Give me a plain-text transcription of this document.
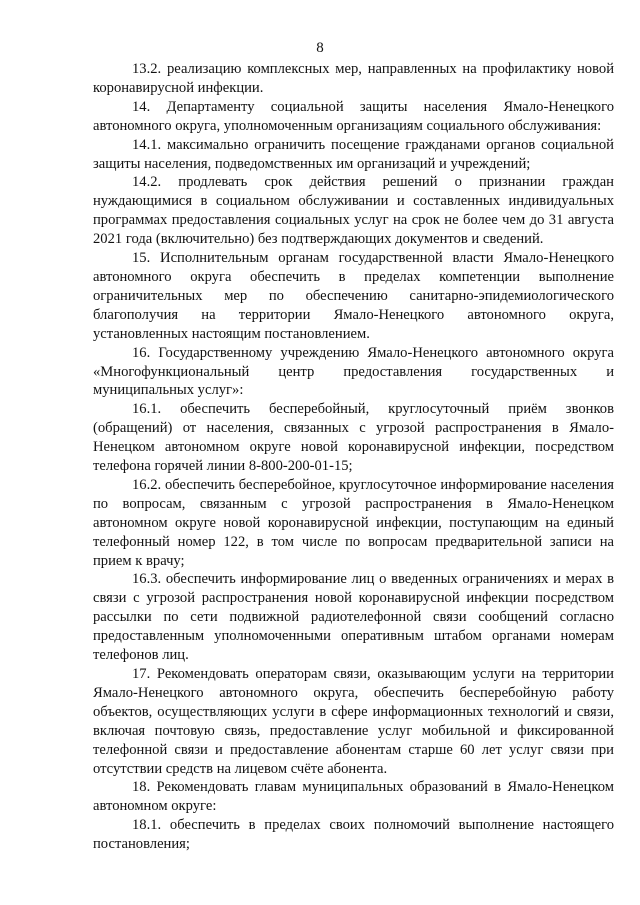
8

13.2. реализацию комплексных мер, направленных на профилактику новой коронавирусной инфекции.

14. Департаменту социальной защиты населения Ямало-Ненецкого автономного округа, уполномоченным организациям социального обслуживания:

14.1. максимально ограничить посещение гражданами органов социальной защиты населения, подведомственных им организаций и учреждений;

14.2. продлевать срок действия решений о признании граждан нуждающимися в социальном обслуживании и составленных индивидуальных программах предоставления социальных услуг на срок не более чем до 31 августа 2021 года (включительно) без подтверждающих документов и сведений.

15. Исполнительным органам государственной власти Ямало-Ненецкого автономного округа обеспечить в пределах компетенции выполнение ограничительных мер по обеспечению санитарно-эпидемиологического благополучия на территории Ямало-Ненецкого автономного округа, установленных настоящим постановлением.

16. Государственному учреждению Ямало-Ненецкого автономного округа «Многофункциональный центр предоставления государственных и муниципальных услуг»:

16.1. обеспечить бесперебойный, круглосуточный приём звонков (обращений) от населения, связанных с угрозой распространения в Ямало-Ненецком автономном округе новой коронавирусной инфекции, посредством телефона горячей линии 8-800-200-01-15;

16.2. обеспечить бесперебойное, круглосуточное информирование населения по вопросам, связанным с угрозой распространения в Ямало-Ненецком автономном округе новой коронавирусной инфекции, поступающим на единый телефонный номер 122, в том числе по вопросам предварительной записи на прием к врачу;

16.3. обеспечить информирование лиц о введенных ограничениях и мерах в связи с угрозой распространения новой коронавирусной инфекции посредством рассылки по сети подвижной радиотелефонной связи сообщений согласно предоставленным уполномоченными оперативным штабом органами номерам телефонов лиц.

17. Рекомендовать операторам связи, оказывающим услуги на территории Ямало-Ненецкого автономного округа, обеспечить бесперебойную работу объектов, осуществляющих услуги в сфере информационных технологий и связи, включая почтовую связь, предоставление услуг мобильной и фиксированной телефонной связи и предоставление абонентам старше 60 лет услуг связи при отсутствии средств на лицевом счёте абонента.

18. Рекомендовать главам муниципальных образований в Ямало-Ненецком автономном округе:

18.1. обеспечить в пределах своих полномочий выполнение настоящего постановления;
